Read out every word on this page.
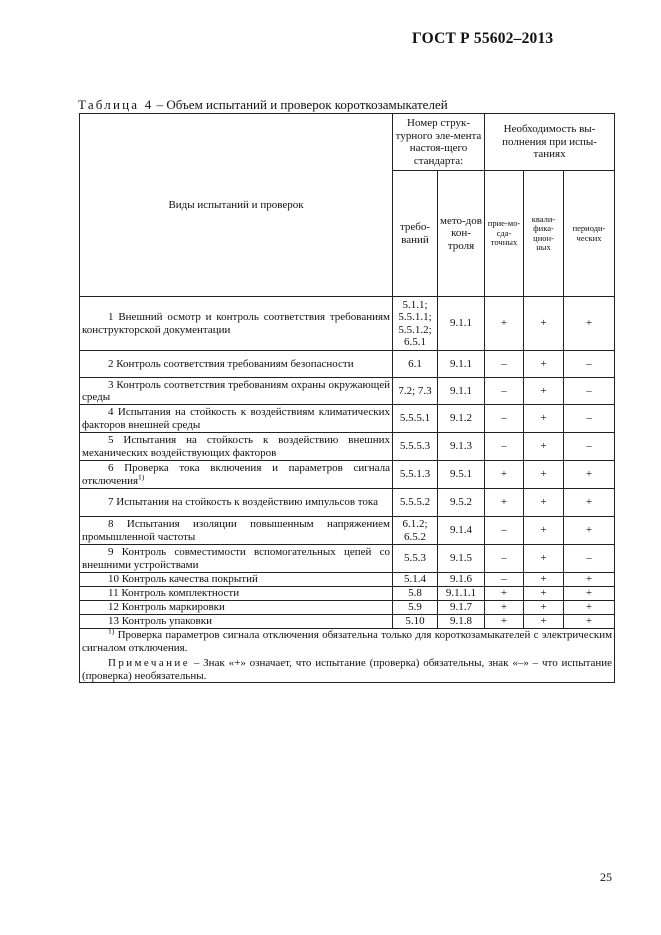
ГОСТ Р 55602–2013
Таблица 4 – Объем испытаний и проверок короткозамыкателей
Виды испытаний и проверок	Номер струк-турного эле-мента настоя-щего стандарта:		Необходимость вы-полнения при испы-таниях		
	требо-ваний	мето-дов кон-троля	прие-мо-сда-точных	квали-фика-цион-ных	периоди-ческих
1 Внешний осмотр и контроль соответствия требованиям конструкторской документации	5.1.1; 5.5.1.1; 5.5.1.2; 6.5.1	9.1.1	+	+	+
2 Контроль соответствия требованиям безопасности	6.1	9.1.1	–	+	–
3 Контроль соответствия требованиям охраны окружающей среды	7.2; 7.3	9.1.1	–	+	–
4 Испытания на стойкость к воздействиям климатических факторов внешней среды	5.5.5.1	9.1.2	–	+	–
5 Испытания на стойкость к воздействию внешних механических воздействующих факторов	5.5.5.3	9.1.3	–	+	–
6 Проверка тока включения и параметров сигнала отключения$^{1)}$	5.5.1.3	9.5.1	+	+	+
7 Испытания на стойкость к воздействию импульсов тока	5.5.5.2	9.5.2	+	+	+
8 Испытания изоляции повышенным напряжением промышленной частоты	6.1.2; 6.5.2	9.1.4	–	+	+
9 Контроль совместимости вспомогательных цепей со внешними устройствами	5.5.3	9.1.5	–	+	–
10 Контроль качества покрытий	5.1.4	9.1.6	–	+	+
11 Контроль комплектности	5.8	9.1.1.1	+	+	+
12 Контроль маркировки	5.9	9.1.7	+	+	+
13 Контроль упаковки	5.10	9.1.8	+	+	+

$^{1)}$ Проверка параметров сигнала отключения обязательна только для короткозамыкателей с электрическим сигналом отключения.
Примечание – Знак «+» означает, что испытание (проверка) обязательны, знак «–» – что испытание (проверка) необязательны.					
25
